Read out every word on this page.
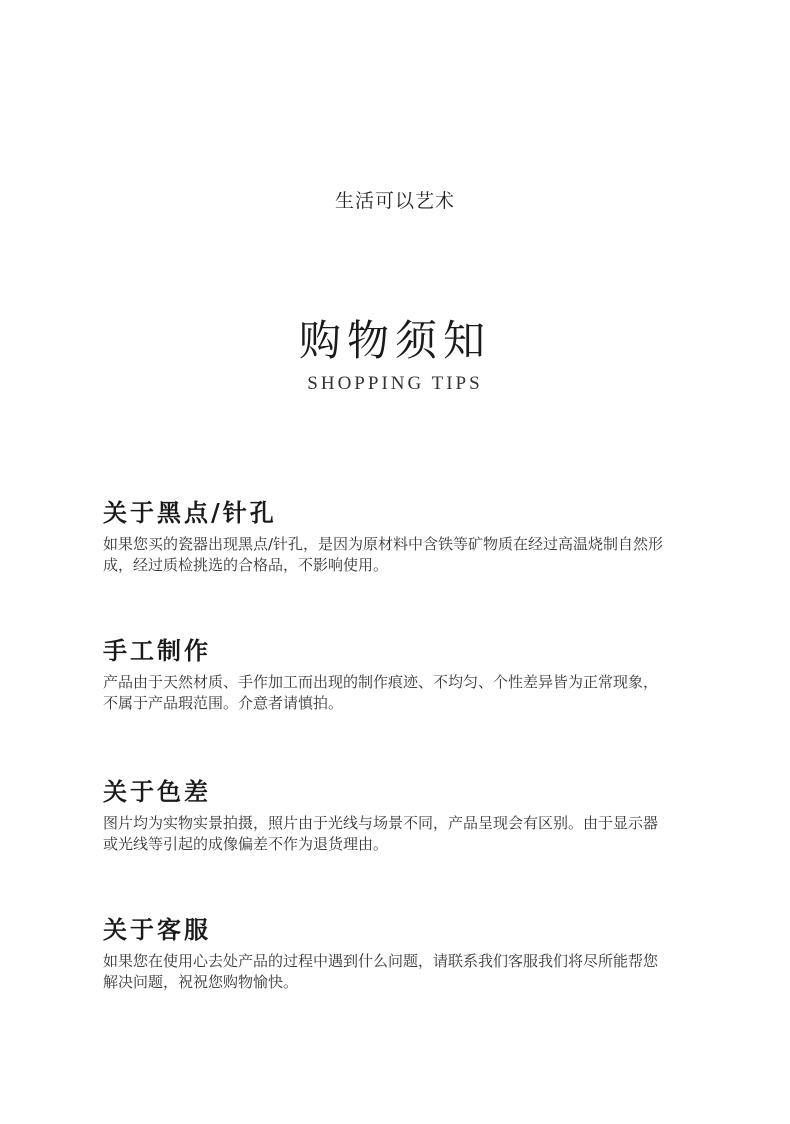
生活可以艺术
购物须知
SHOPPING TIPS
关于黑点/针孔

如果您买的瓷器出现黑点/针孔，是因为原材料中含铁等矿物质在经过高温烧制自然形成，经过质检挑选的合格品，不影响使用。

手工制作

产品由于天然材质、手作加工而出现的制作痕迹、不均匀、个性差异皆为正常现象，不属于产品瑕范围。介意者请慎拍。

关于色差

图片均为实物实景拍摄，照片由于光线与场景不同，产品呈现会有区别。由于显示器或光线等引起的成像偏差不作为退货理由。

关于客服

如果您在使用心去处产品的过程中遇到什么问题，请联系我们客服我们将尽所能帮您解决问题，祝祝您购物愉快。
